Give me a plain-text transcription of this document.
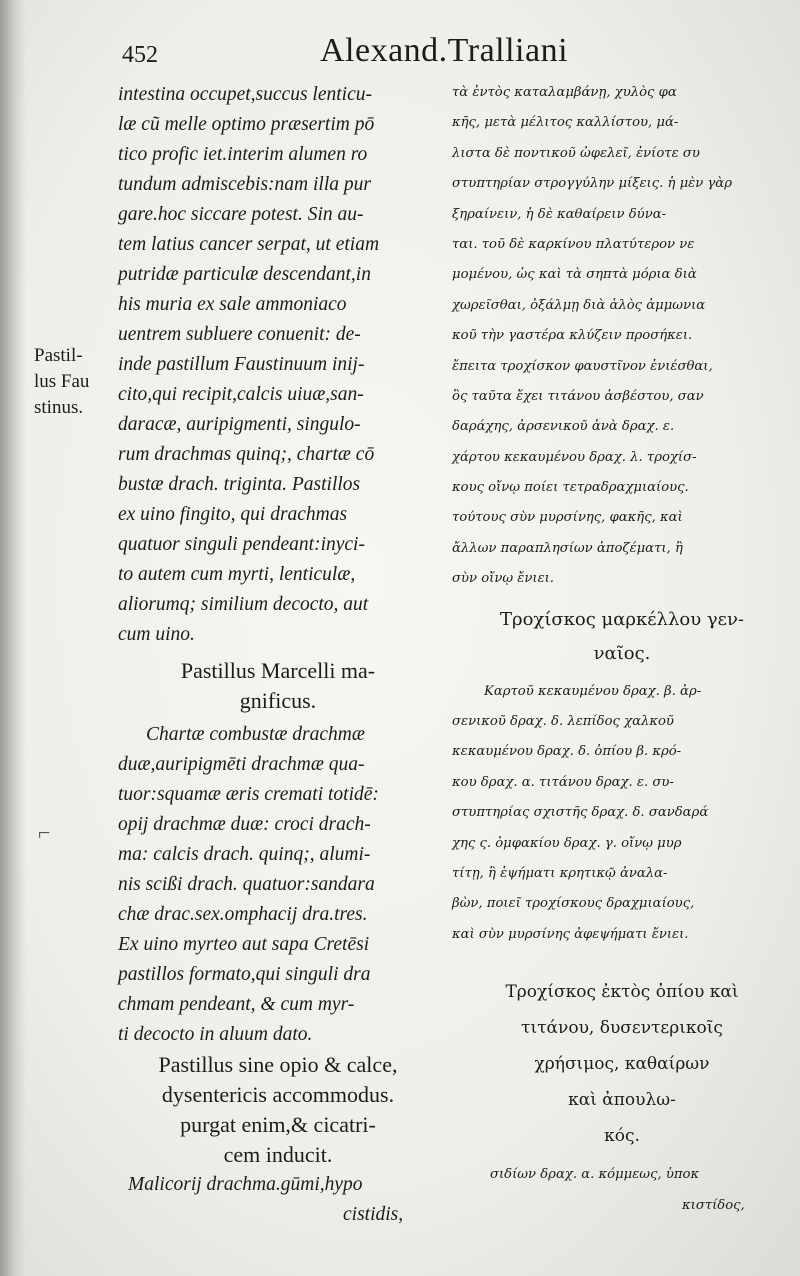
452	Alexand.Tralliani
Pastil-
lus Fau
stinus.
intestina occupet,succus lenticu-
læ cũ melle optimo præsertim pō
tico profic iet.interim alumen ro
tundum admiscebis:nam illa pur
gare.hoc siccare potest. Sin au-
tem latius cancer serpat, ut etiam
putridæ particulæ descendant,in
his muria ex sale ammoniaco
uentrem subluere conuenit: de-
inde pastillum Faustinuum inij-
cito,qui recipit,calcis uiuæ,san-
daracæ, auripigmenti, singulo-
rum drachmas quinq;, chartæ cō
bustæ drach. triginta. Pastillos
ex uino fingito, qui drachmas
quatuor singuli pendeant:inyci-
to autem cum myrti, lenticulæ,
aliorumq; similium decocto, aut
cum uino.
Pastillus Marcelli ma-
gnificus.
Chartæ combustæ drachmæ
duæ,auripigmēti drachmæ qua-
tuor:squamæ æris cremati totidē:
opij drachmæ duæ: croci drach-
ma: calcis drach. quinq;, alumi-
nis scißi drach. quatuor:sandara
chæ drac.sex.omphacij dra.tres.
Ex uino myrteo aut sapa Cretēsi
pastillos formato,qui singuli dra
chmam pendeant, & cum myr-
ti decocto in aluum dato.
Pastillus sine opio & calce,
dysentericis accommodus.
purgat enim,& cicatri-
cem inducit.
Malicorij drachma.gūmi,hypo
cistidis,
τὰ ἐντὸς καταλαμβάνῃ, χυλὸς φα
κῆς, μετὰ μέλιτος καλλίστου, μά-
λιστα δὲ ποντικοῦ ὠφελεῖ, ἐνίοτε συ
στυπτηρίαν στρογγύλην μίξεις. ἡ μὲν γὰρ
ξηραίνειν, ἡ δὲ καθαίρειν δύνα-
ται. τοῦ δὲ καρκίνου πλατύτερον νε
μομένου, ὡς καὶ τὰ σηπτὰ μόρια διὰ
χωρεῖσθαι, ὀξάλμῃ διὰ ἁλὸς ἀμμωνια
κοῦ τὴν γαστέρα κλύζειν προσήκει.
ἔπειτα τροχίσκον φαυστῖνον ἐνιέσθαι,
ὃς ταῦτα ἔχει τιτάνου ἀσβέστου, σαν
δαράχης, ἀρσενικοῦ ἀνὰ δραχ. ε.
χάρτου κεκαυμένου δραχ. λ. τροχίσ-
κους οἴνῳ ποίει τετραδραχμιαίους.
τούτους σὺν μυρσίνης, φακῆς, καὶ
ἄλλων παραπλησίων ἀποζέματι, ἢ
σὺν οἴνῳ ἔνιει.
Τροχίσκος μαρκέλλου γεν-
ναῖος.
Καρτοῦ κεκαυμένου δραχ. β. ἀρ-
σενικοῦ δραχ. δ. λεπίδος χαλκοῦ
κεκαυμένου δραχ. δ. ὀπίου β. κρό-
κου δραχ. α. τιτάνου δραχ. ε. συ-
στυπτηρίας σχιστῆς δραχ. δ. σανδαρά
χης ς. ὀμφακίου δραχ. γ. οἴνῳ μυρ
τίτῃ, ἢ ἑψήματι κρητικῷ ἀναλα-
βὼν, ποιεῖ τροχίσκους δραχμιαίους,
καὶ σὺν μυρσίνης ἀφεψήματι ἔνιει.
Τροχίσκος ἐκτὸς ὀπίου καὶ
τιτάνου, δυσεντερικοῖς
χρήσιμος, καθαίρων
καὶ ἀπουλω-
κός.
σιδίων δραχ. α. κόμμεως, ὑποκ
κιστίδος,
⌐
